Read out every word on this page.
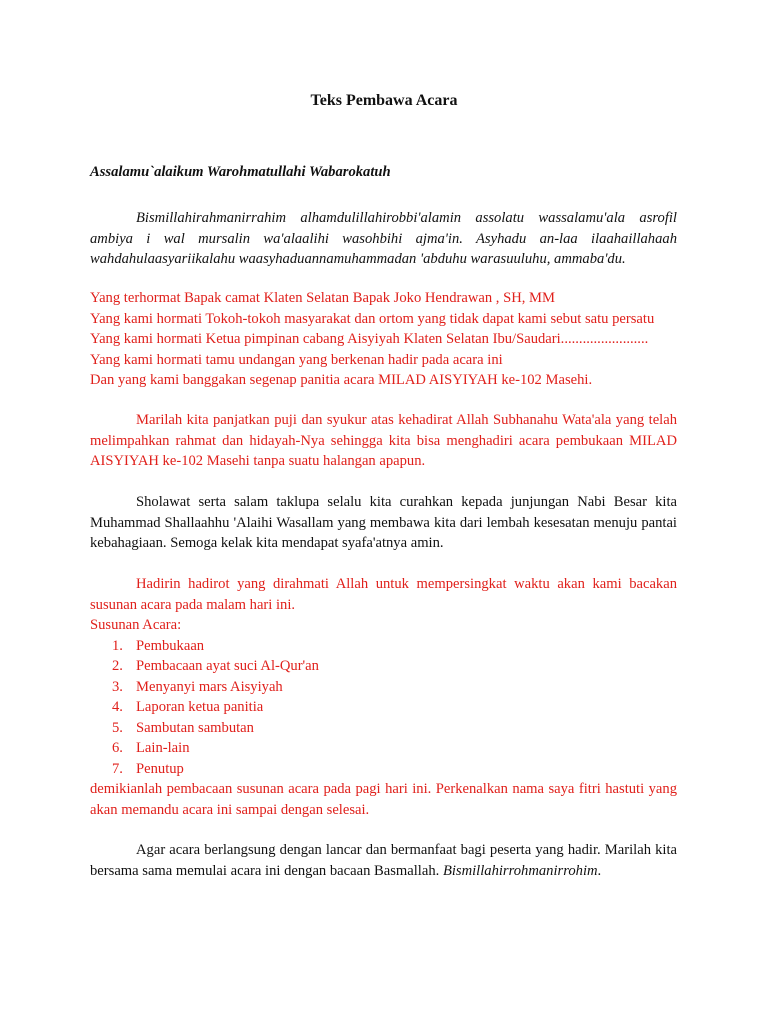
Teks Pembawa Acara

Assalamu`alaikum Warohmatullahi Wabarokatuh

Bismillahirahmanirrahim alhamdulillahirobbi'alamin assolatu wassalamu'ala asrofil ambiya i wal mursalin wa'alaalihi wasohbihi ajma'in. Asyhadu an-laa ilaahaillahaah wahdahulaasyariikalahu waasyhaduannamuhammadan 'abduhu warasuuluhu, ammaba'du.

Yang terhormat Bapak camat Klaten Selatan Bapak Joko Hendrawan , SH, MM
Yang kami hormati Tokoh-tokoh masyarakat dan ortom yang tidak dapat kami sebut satu persatu
Yang kami hormati Ketua pimpinan cabang Aisyiyah Klaten Selatan Ibu/Saudari........................
Yang kami hormati tamu undangan yang berkenan hadir pada acara ini
Dan yang kami banggakan segenap panitia acara MILAD AISYIYAH ke-102 Masehi.

Marilah kita panjatkan puji dan syukur atas kehadirat Allah Subhanahu Wata'ala yang telah melimpahkan rahmat dan hidayah-Nya sehingga kita bisa menghadiri acara pembukaan MILAD AISYIYAH ke-102 Masehi tanpa suatu halangan apapun.

Sholawat serta salam taklupa selalu kita curahkan kepada junjungan Nabi Besar kita Muhammad Shallaahhu 'Alaihi Wasallam yang membawa kita dari lembah kesesatan menuju pantai kebahagiaan. Semoga kelak kita mendapat syafa'atnya amin.

Hadirin hadirot yang dirahmati Allah untuk mempersingkat waktu akan kami bacakan susunan acara pada malam hari ini.

Susunan Acara:
1. Pembukaan
2. Pembacaan ayat suci Al-Qur'an
3. Menyanyi mars Aisyiyah
4. Laporan ketua panitia
5. Sambutan sambutan
6. Lain-lain
7. Penutup

demikianlah pembacaan susunan acara pada pagi hari ini. Perkenalkan nama saya fitri hastuti yang akan memandu acara ini sampai dengan selesai.

Agar acara berlangsung dengan lancar dan bermanfaat bagi peserta yang hadir. Marilah kita bersama sama memulai acara ini dengan bacaan Basmallah. Bismillahirrohmanirrohim.
